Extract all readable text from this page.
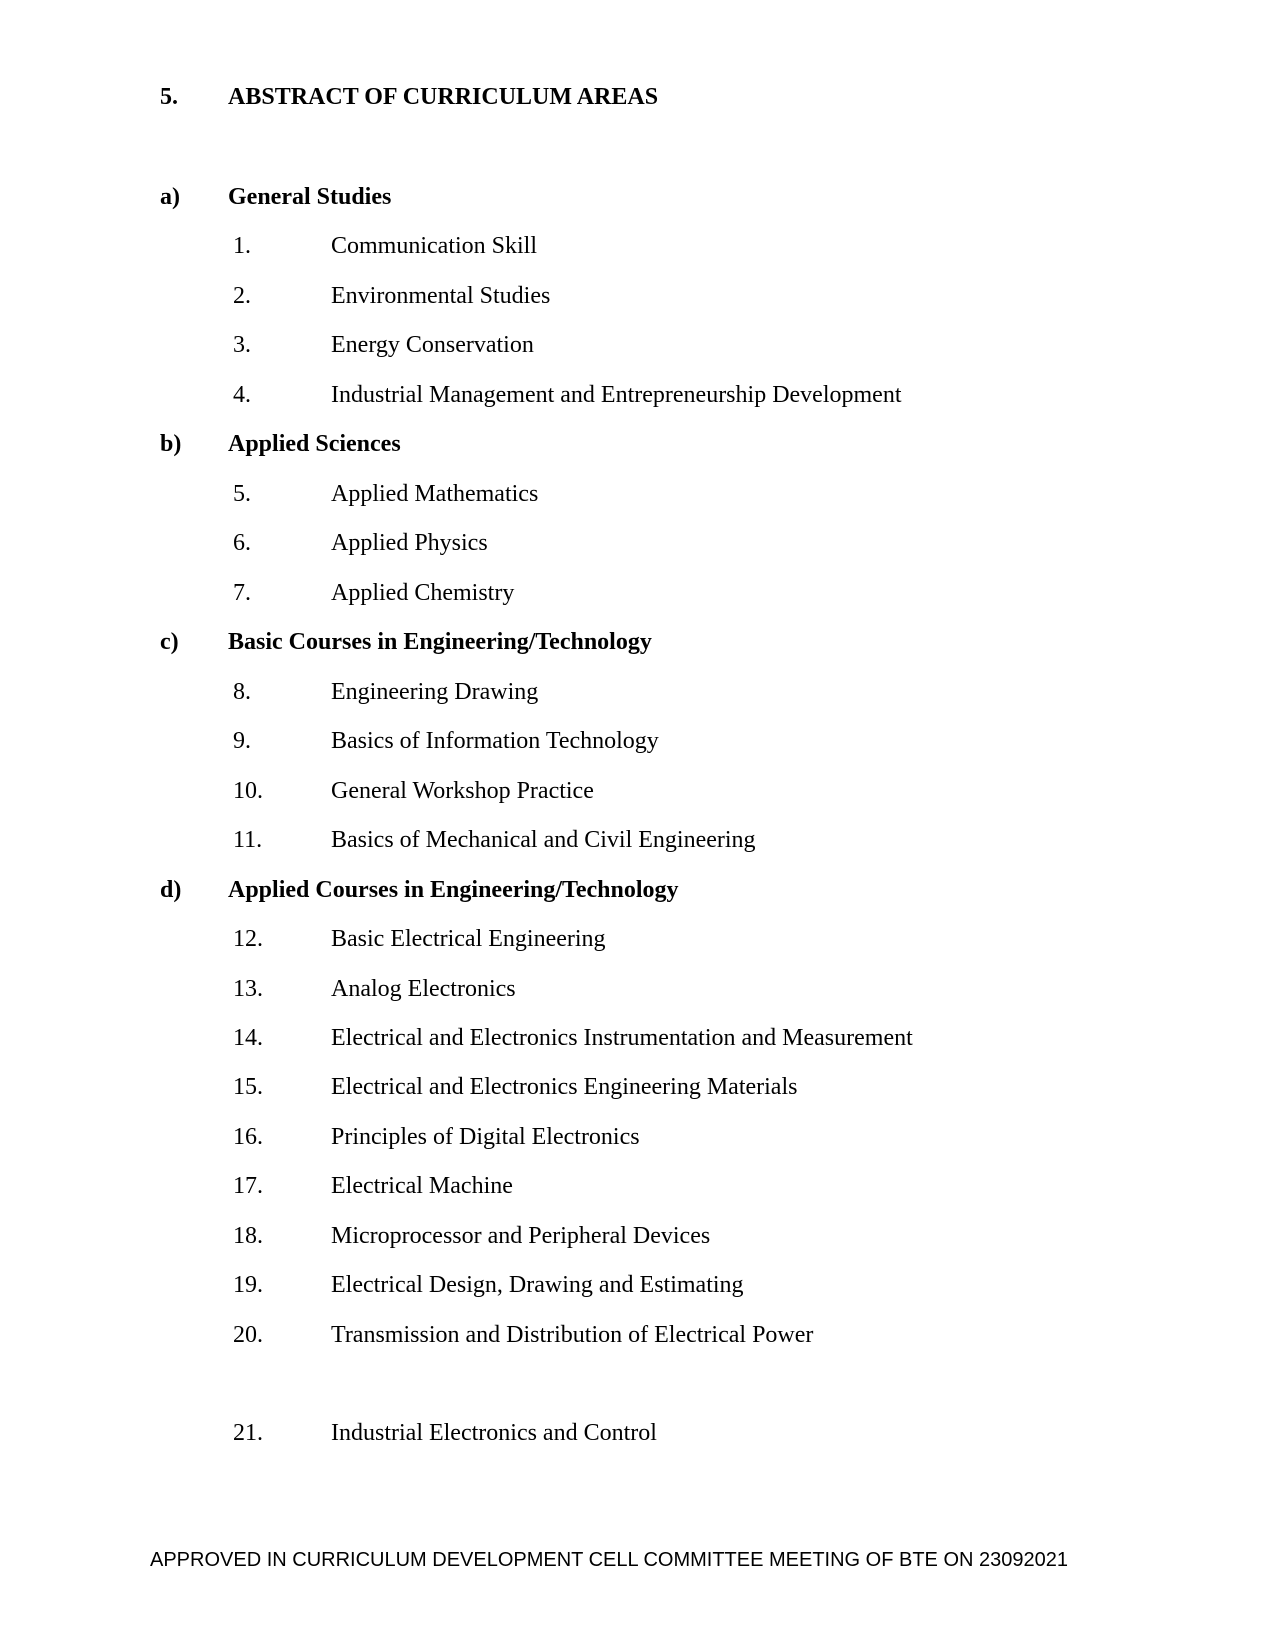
5. ABSTRACT OF CURRICULUM AREAS
a) General Studies
1.	Communication Skill
2.	Environmental Studies
3.	Energy Conservation
4.	Industrial Management and Entrepreneurship Development
b) Applied Sciences
5.	Applied Mathematics
6.	Applied Physics
7.	Applied Chemistry
c) Basic Courses in Engineering/Technology
8.	Engineering Drawing
9.	Basics of Information Technology
10.	General Workshop Practice
11.	Basics of Mechanical and Civil Engineering
d) Applied Courses in Engineering/Technology
12.	Basic Electrical Engineering
13.	Analog Electronics
14.	Electrical and Electronics Instrumentation and Measurement
15.	Electrical and Electronics Engineering Materials
16.	Principles of Digital Electronics
17.	Electrical Machine
18.	Microprocessor and Peripheral Devices
19.	Electrical Design, Drawing and Estimating
20.	Transmission and Distribution of Electrical Power
21.	Industrial Electronics and Control
APPROVED IN CURRICULUM DEVELOPMENT CELL COMMITTEE MEETING OF BTE ON 23092021
